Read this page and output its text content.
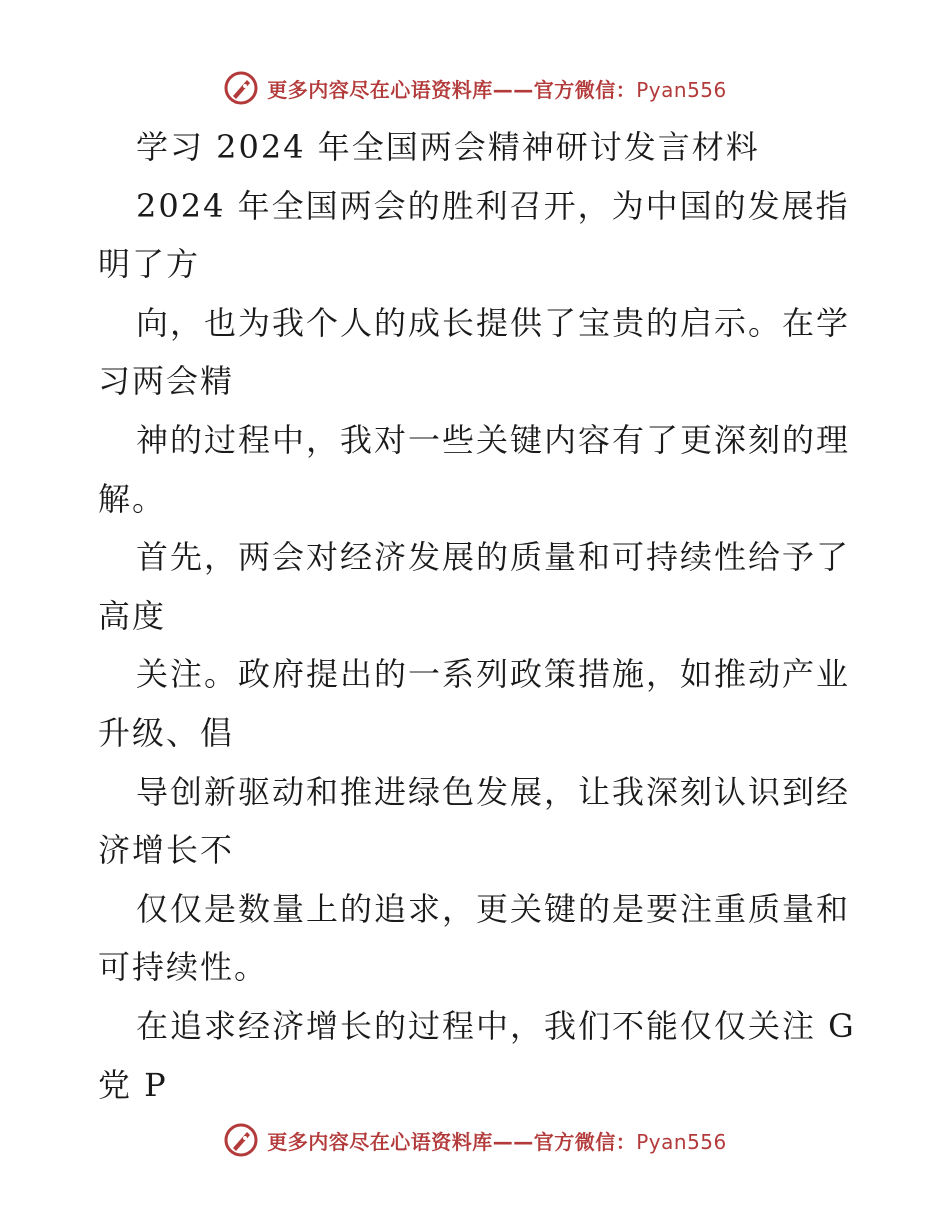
更多内容尽在心语资料库——官方微信：Pyan556
学习 2024 年全国两会精神研讨发言材料
2024 年全国两会的胜利召开，为中国的发展指
明了方
向，也为我个人的成长提供了宝贵的启示。在学
习两会精
神的过程中，我对一些关键内容有了更深刻的理
解。
首先，两会对经济发展的质量和可持续性给予了
高度
关注。政府提出的一系列政策措施，如推动产业
升级、倡
导创新驱动和推进绿色发展，让我深刻认识到经
济增长不
仅仅是数量上的追求，更关键的是要注重质量和
可持续性。
在追求经济增长的过程中，我们不能仅仅关注 G
党 P
更多内容尽在心语资料库——官方微信：Pyan556
